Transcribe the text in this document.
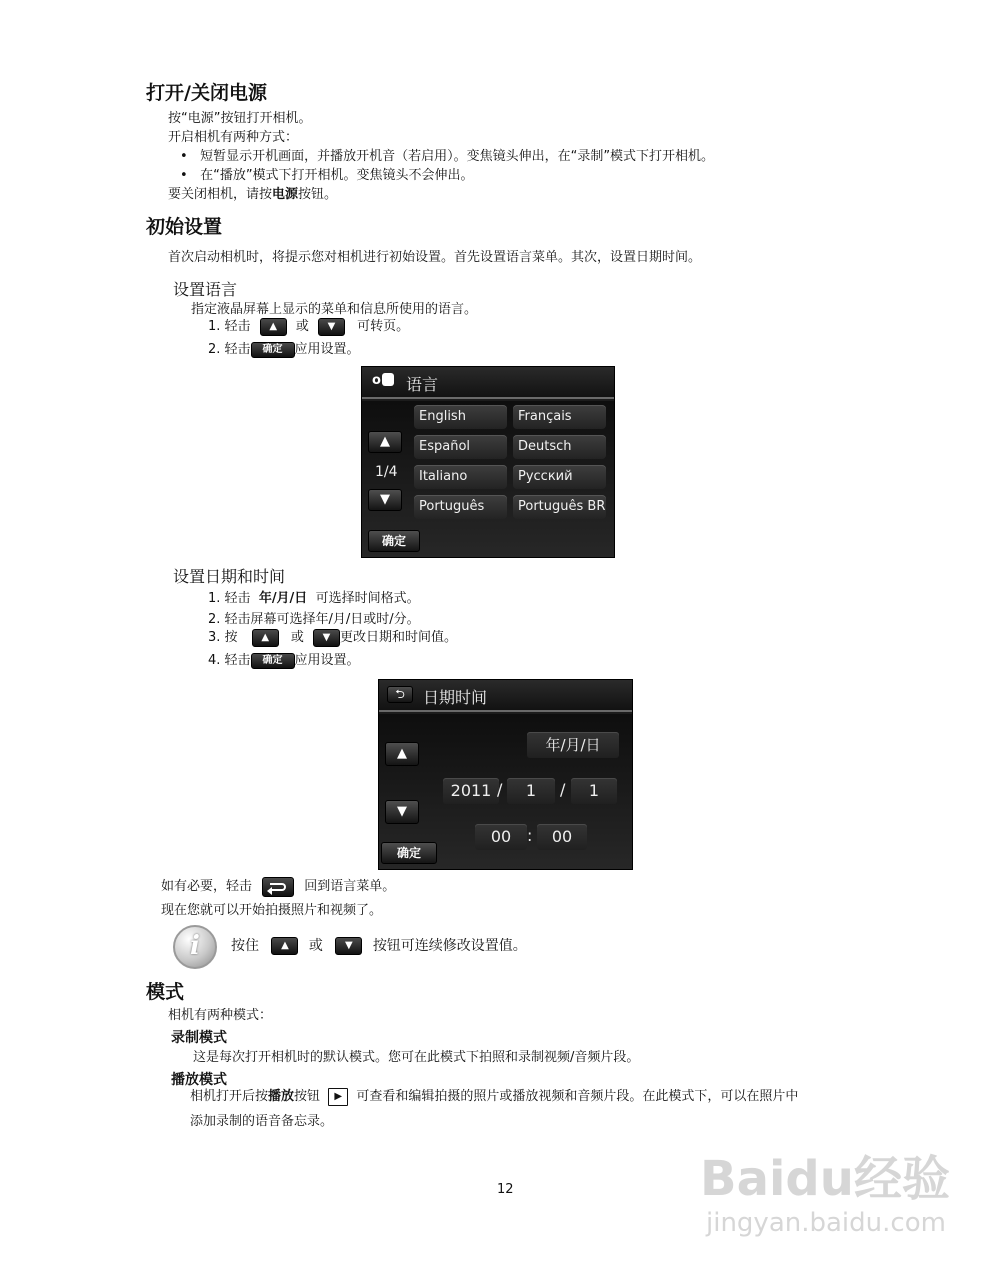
打开/关闭电源
按“电源”按钮打开相机。
开启相机有两种方式：
•   短暂显示开机画面，并播放开机音（若启用）。变焦镜头伸出，在“录制”模式下打开相机。
•   在“播放”模式下打开相机。变焦镜头不会伸出。
要关闭相机，请按电源按钮。
初始设置
首次启动相机时，将提示您对相机进行初始设置。首先设置语言菜单。其次，设置日期时间。
设置语言
指定液晶屏幕上显示的菜单和信息所使用的语言。
1. 轻击 ▲ 或 ▼ 可转页。
2. 轻击 确定 应用设置。
o	语言
English	Français
Español	Deutsch
Italiano	Русский
Português	Português BR
▲
1/4
▼
确定
设置日期和时间
1. 轻击 年/月/日 可选择时间格式。
2. 轻击屏幕可选择年/月/日或时/分。
3. 按 ▲ 或 ▼ 更改日期和时间值。
4. 轻击 确定 应用设置。
⮌	日期时间
年/月/日
▲
▼
确定
2011 /	1	/	1
00 :	00
如有必要，轻击	回到语言菜单。
现在您就可以开始拍摄照片和视频了。
i	按住 ▲ 或 ▼ 按钮可连续修改设置值。
模式
相机有两种模式：
录制模式
这是每次打开相机时的默认模式。您可在此模式下拍照和录制视频/音频片段。
播放模式
相机打开后按播放按钮 ▶ 可查看和编辑拍摄的照片或播放视频和音频片段。在此模式下，可以在照片中
添加录制的语音备忘录。
12	Baidu经验
jingyan.baidu.com
